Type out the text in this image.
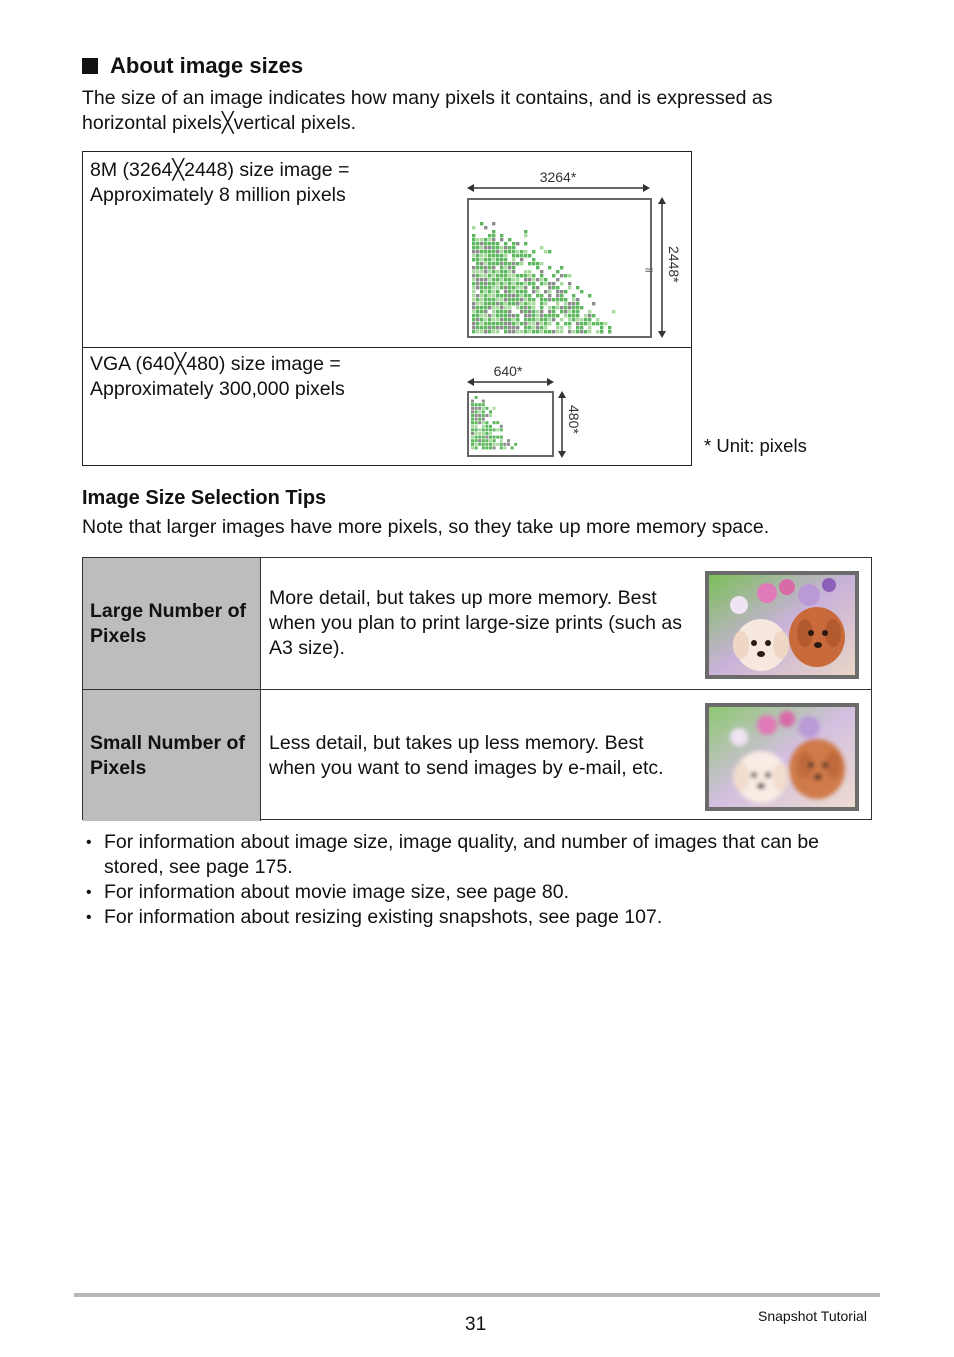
About image sizes
The size of an image indicates how many pixels it contains, and is expressed as horizontal pixels╳vertical pixels.
8M (3264╳2448) size image =
Approximately 8 million pixels
VGA (640╳480) size image =
Approximately 300,000 pixels
3264*
≈ 2448*
640*
480*
* Unit: pixels
Image Size Selection Tips
Note that larger images have more pixels, so they take up more memory space.
Large Number of Pixels
More detail, but takes up more memory. Best when you plan to print large-size prints (such as A3 size).
Small Number of Pixels
Less detail, but takes up less memory. Best when you want to send images by e-mail, etc.
• For information about image size, image quality, and number of images that can be stored, see page 175.
• For information about movie image size, see page 80.
• For information about resizing existing snapshots, see page 107.
31	Snapshot Tutorial
